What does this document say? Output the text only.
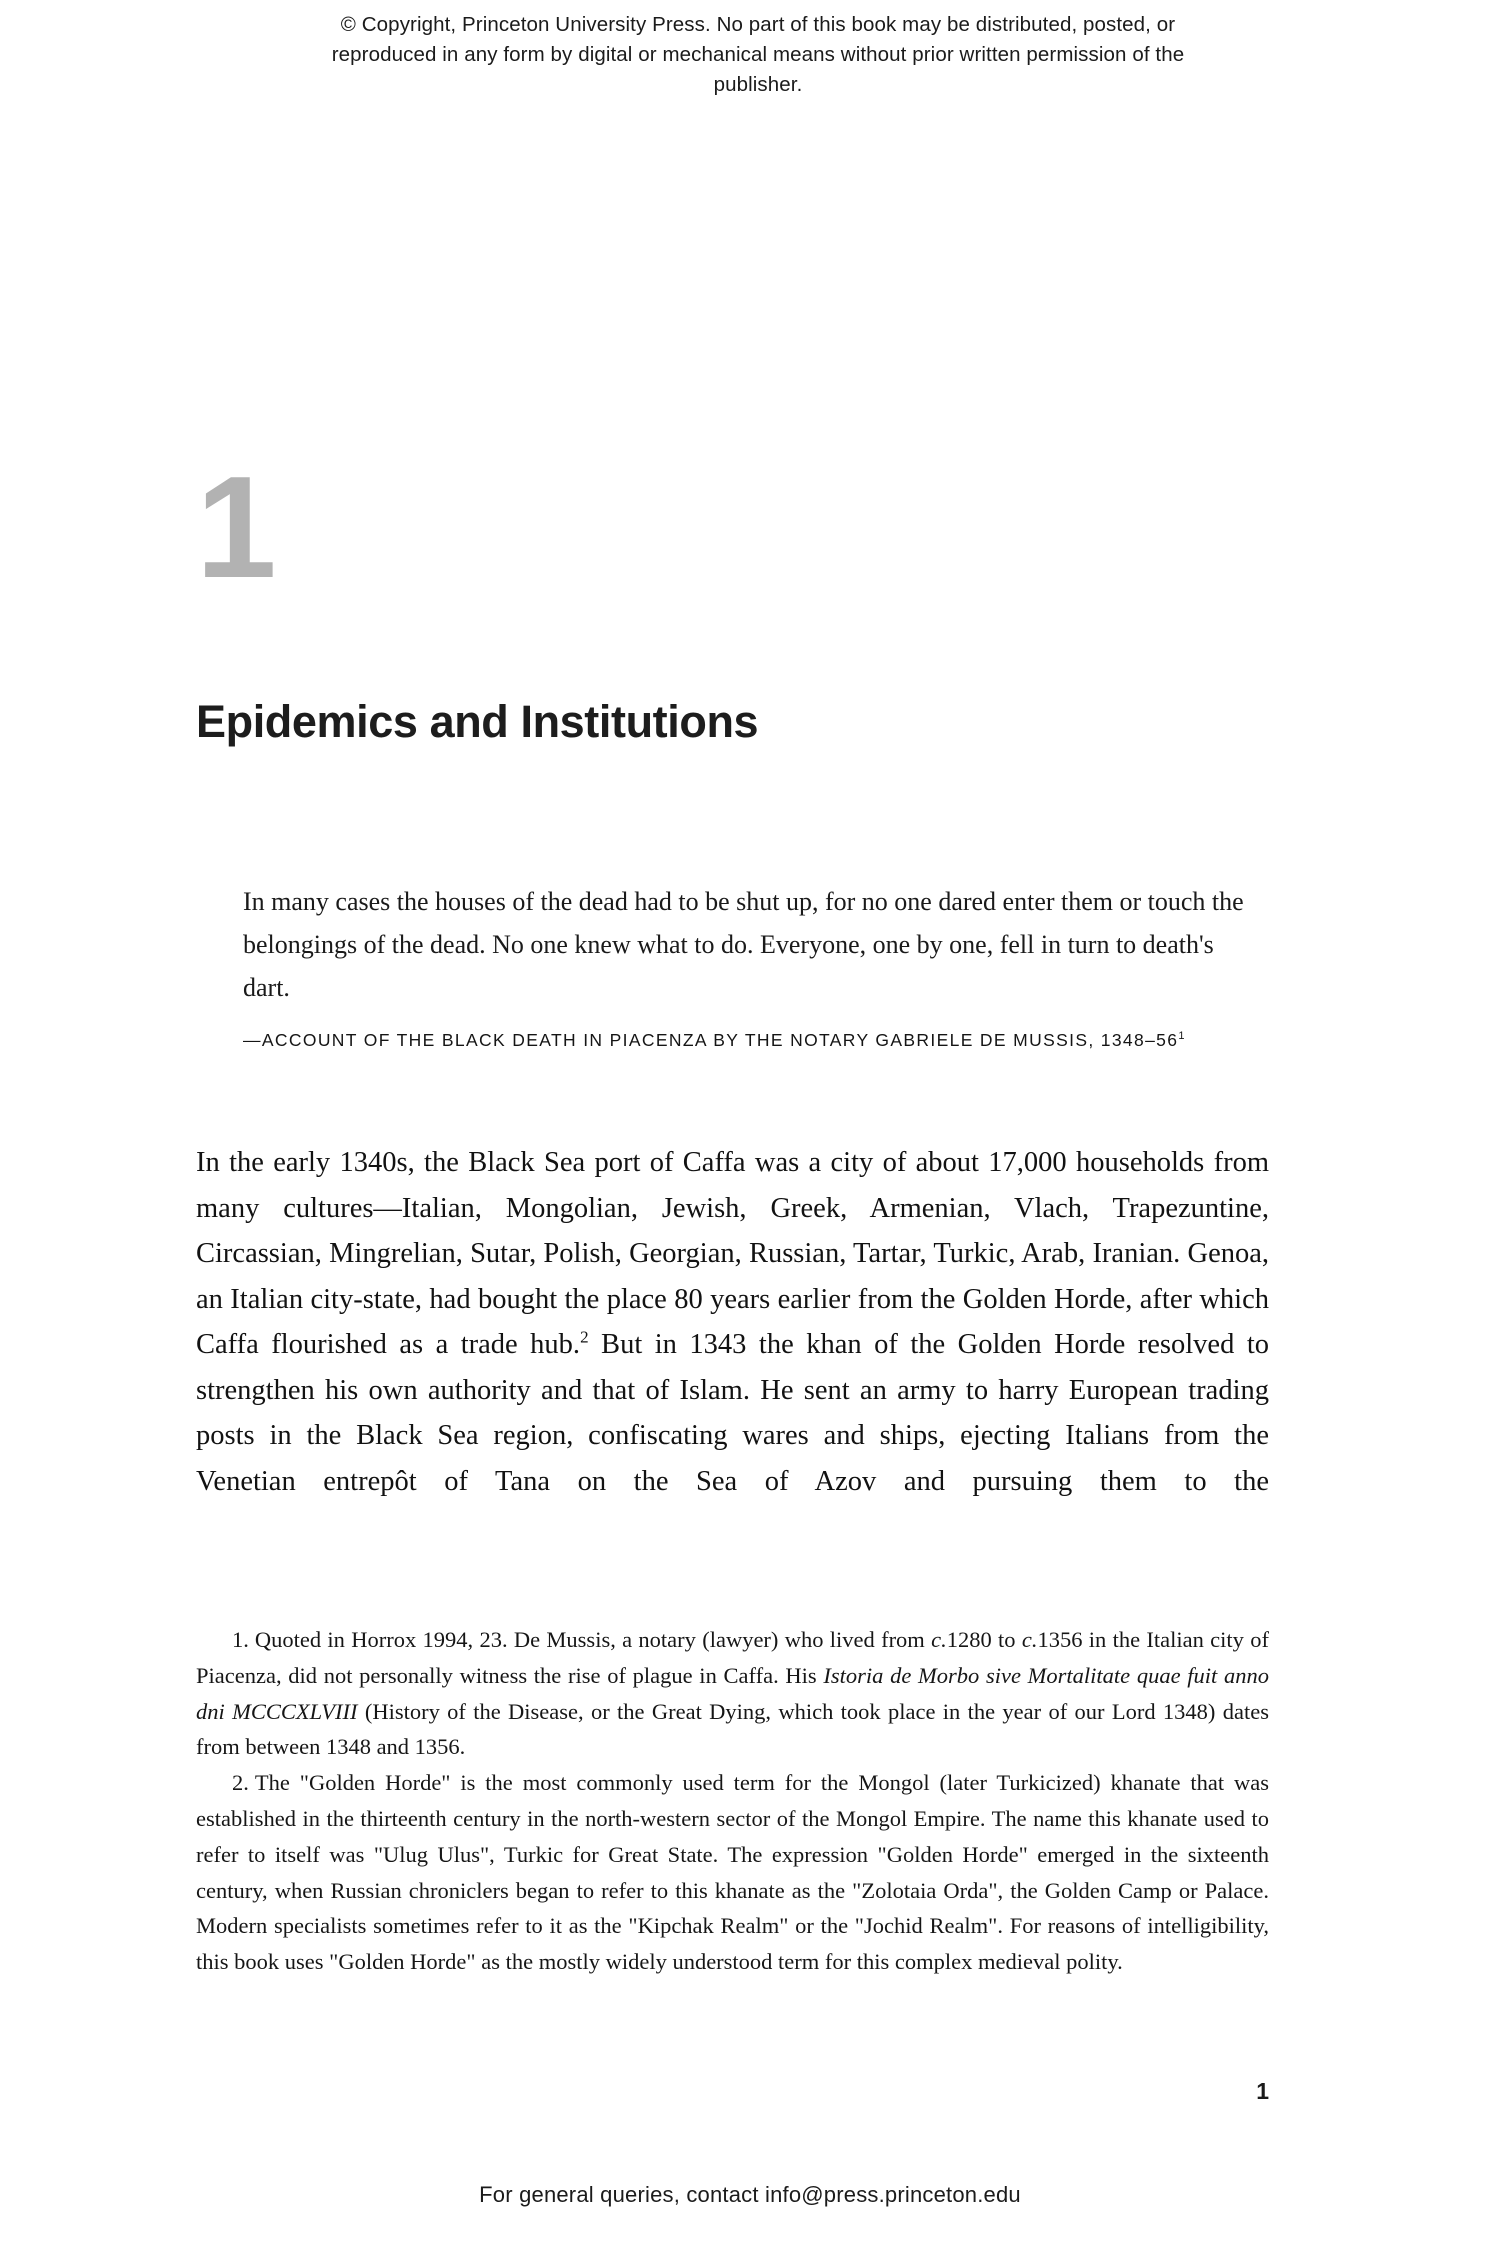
© Copyright, Princeton University Press. No part of this book may be distributed, posted, or reproduced in any form by digital or mechanical means without prior written permission of the publisher.
1
Epidemics and Institutions
In many cases the houses of the dead had to be shut up, for no one dared enter them or touch the belongings of the dead. No one knew what to do. Everyone, one by one, fell in turn to death's dart.
—ACCOUNT OF THE BLACK DEATH IN PIACENZA BY THE NOTARY GABRIELE DE MUSSIS, $1348-56^1$

In the early 1340s, the Black Sea port of Caffa was a city of about 17,000 households from many cultures—Italian, Mongolian, Jewish, Greek, Armenian, Vlach, Trapezuntine, Circassian, Mingrelian, Sutar, Polish, Georgian, Russian, Tartar, Turkic, Arab, Iranian. Genoa, an Italian city-state, had bought the place 80 years earlier from the Golden Horde, after which Caffa flourished as a trade hub.$^2$ But in 1343 the khan of the Golden Horde resolved to strengthen his own authority and that of Islam. He sent an army to harry European trading posts in the Black Sea region, confiscating wares and ships, ejecting Italians from the Venetian entrepôt of Tana on the Sea of Azov and pursuing them to the

1. Quoted in Horrox 1994, 23. De Mussis, a notary (lawyer) who lived from c.1280 to c.1356 in the Italian city of Piacenza, did not personally witness the rise of plague in Caffa. His Istoria de Morbo sive Mortalitate quae fuit anno dni MCCCXLVIII (History of the Disease, or the Great Dying, which took place in the year of our Lord 1348) dates from between 1348 and 1356.

2. The "Golden Horde" is the most commonly used term for the Mongol (later Turkicized) khanate that was established in the thirteenth century in the north-western sector of the Mongol Empire. The name this khanate used to refer to itself was "Ulug Ulus", Turkic for Great State. The expression "Golden Horde" emerged in the sixteenth century, when Russian chroniclers began to refer to this khanate as the "Zolotaia Orda", the Golden Camp or Palace. Modern specialists sometimes refer to it as the "Kipchak Realm" or the "Jochid Realm". For reasons of intelligibility, this book uses "Golden Horde" as the mostly widely understood term for this complex medieval polity.

1
For general queries, contact info@press.princeton.edu
